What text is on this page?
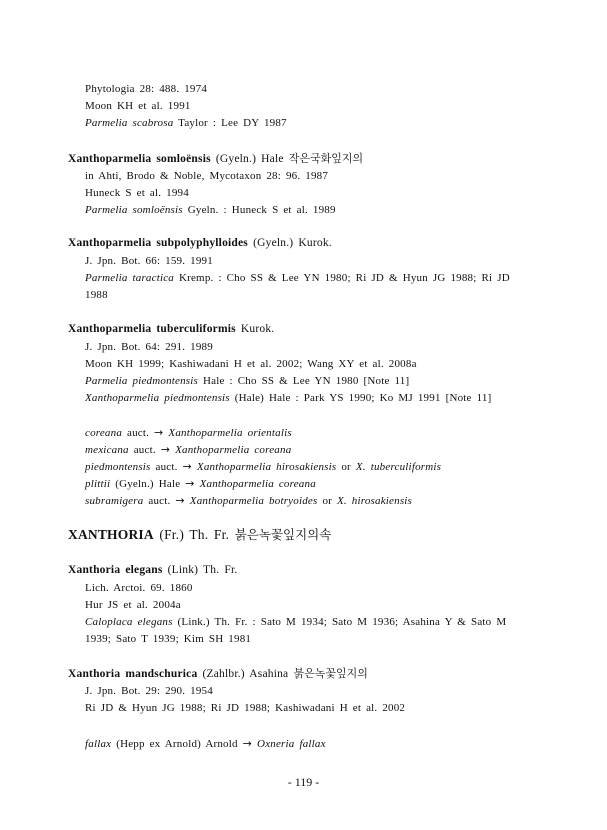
Phytologia 28: 488. 1974
Moon KH et al. 1991
Parmelia scabrosa Taylor : Lee DY 1987
Xanthoparmelia somloënsis (Gyeln.) Hale 작은국화잎지의
in Ahti, Brodo & Noble, Mycotaxon 28: 96. 1987
Huneck S et al. 1994
Parmelia somloënsis Gyeln. : Huneck S et al. 1989
Xanthoparmelia subpolyphylloides (Gyeln.) Kurok.
J. Jpn. Bot. 66: 159. 1991
Parmelia taractica Kremp. : Cho SS & Lee YN 1980; Ri JD & Hyun JG 1988; Ri JD
1988
Xanthoparmelia tuberculiformis Kurok.
J. Jpn. Bot. 64: 291. 1989
Moon KH 1999; Kashiwadani H et al. 2002; Wang XY et al. 2008a
Parmelia piedmontensis Hale : Cho SS & Lee YN 1980 [Note 11]
Xanthoparmelia piedmontensis (Hale) Hale : Park YS 1990; Ko MJ 1991 [Note 11]
coreana auct. → Xanthoparmelia orientalis
mexicana auct. → Xanthoparmelia coreana
piedmontensis auct. → Xanthoparmelia hirosakiensis or X. tuberculiformis
plittii (Gyeln.) Hale → Xanthoparmelia coreana
subramigera auct. → Xanthoparmelia botryoides or X. hirosakiensis
XANTHORIA (Fr.) Th. Fr. 붉은녹꽃잎지의속
Xanthoria elegans (Link) Th. Fr.
Lich. Arctoi. 69. 1860
Hur JS et al. 2004a
Caloplaca elegans (Link.) Th. Fr. : Sato M 1934; Sato M 1936; Asahina Y & Sato M
1939; Sato T 1939; Kim SH 1981
Xanthoria mandschurica (Zahlbr.) Asahina 붉은녹꽃잎지의
J. Jpn. Bot. 29: 290. 1954
Ri JD & Hyun JG 1988; Ri JD 1988; Kashiwadani H et al. 2002
fallax (Hepp ex Arnold) Arnold → Oxneria fallax
- 119 -
